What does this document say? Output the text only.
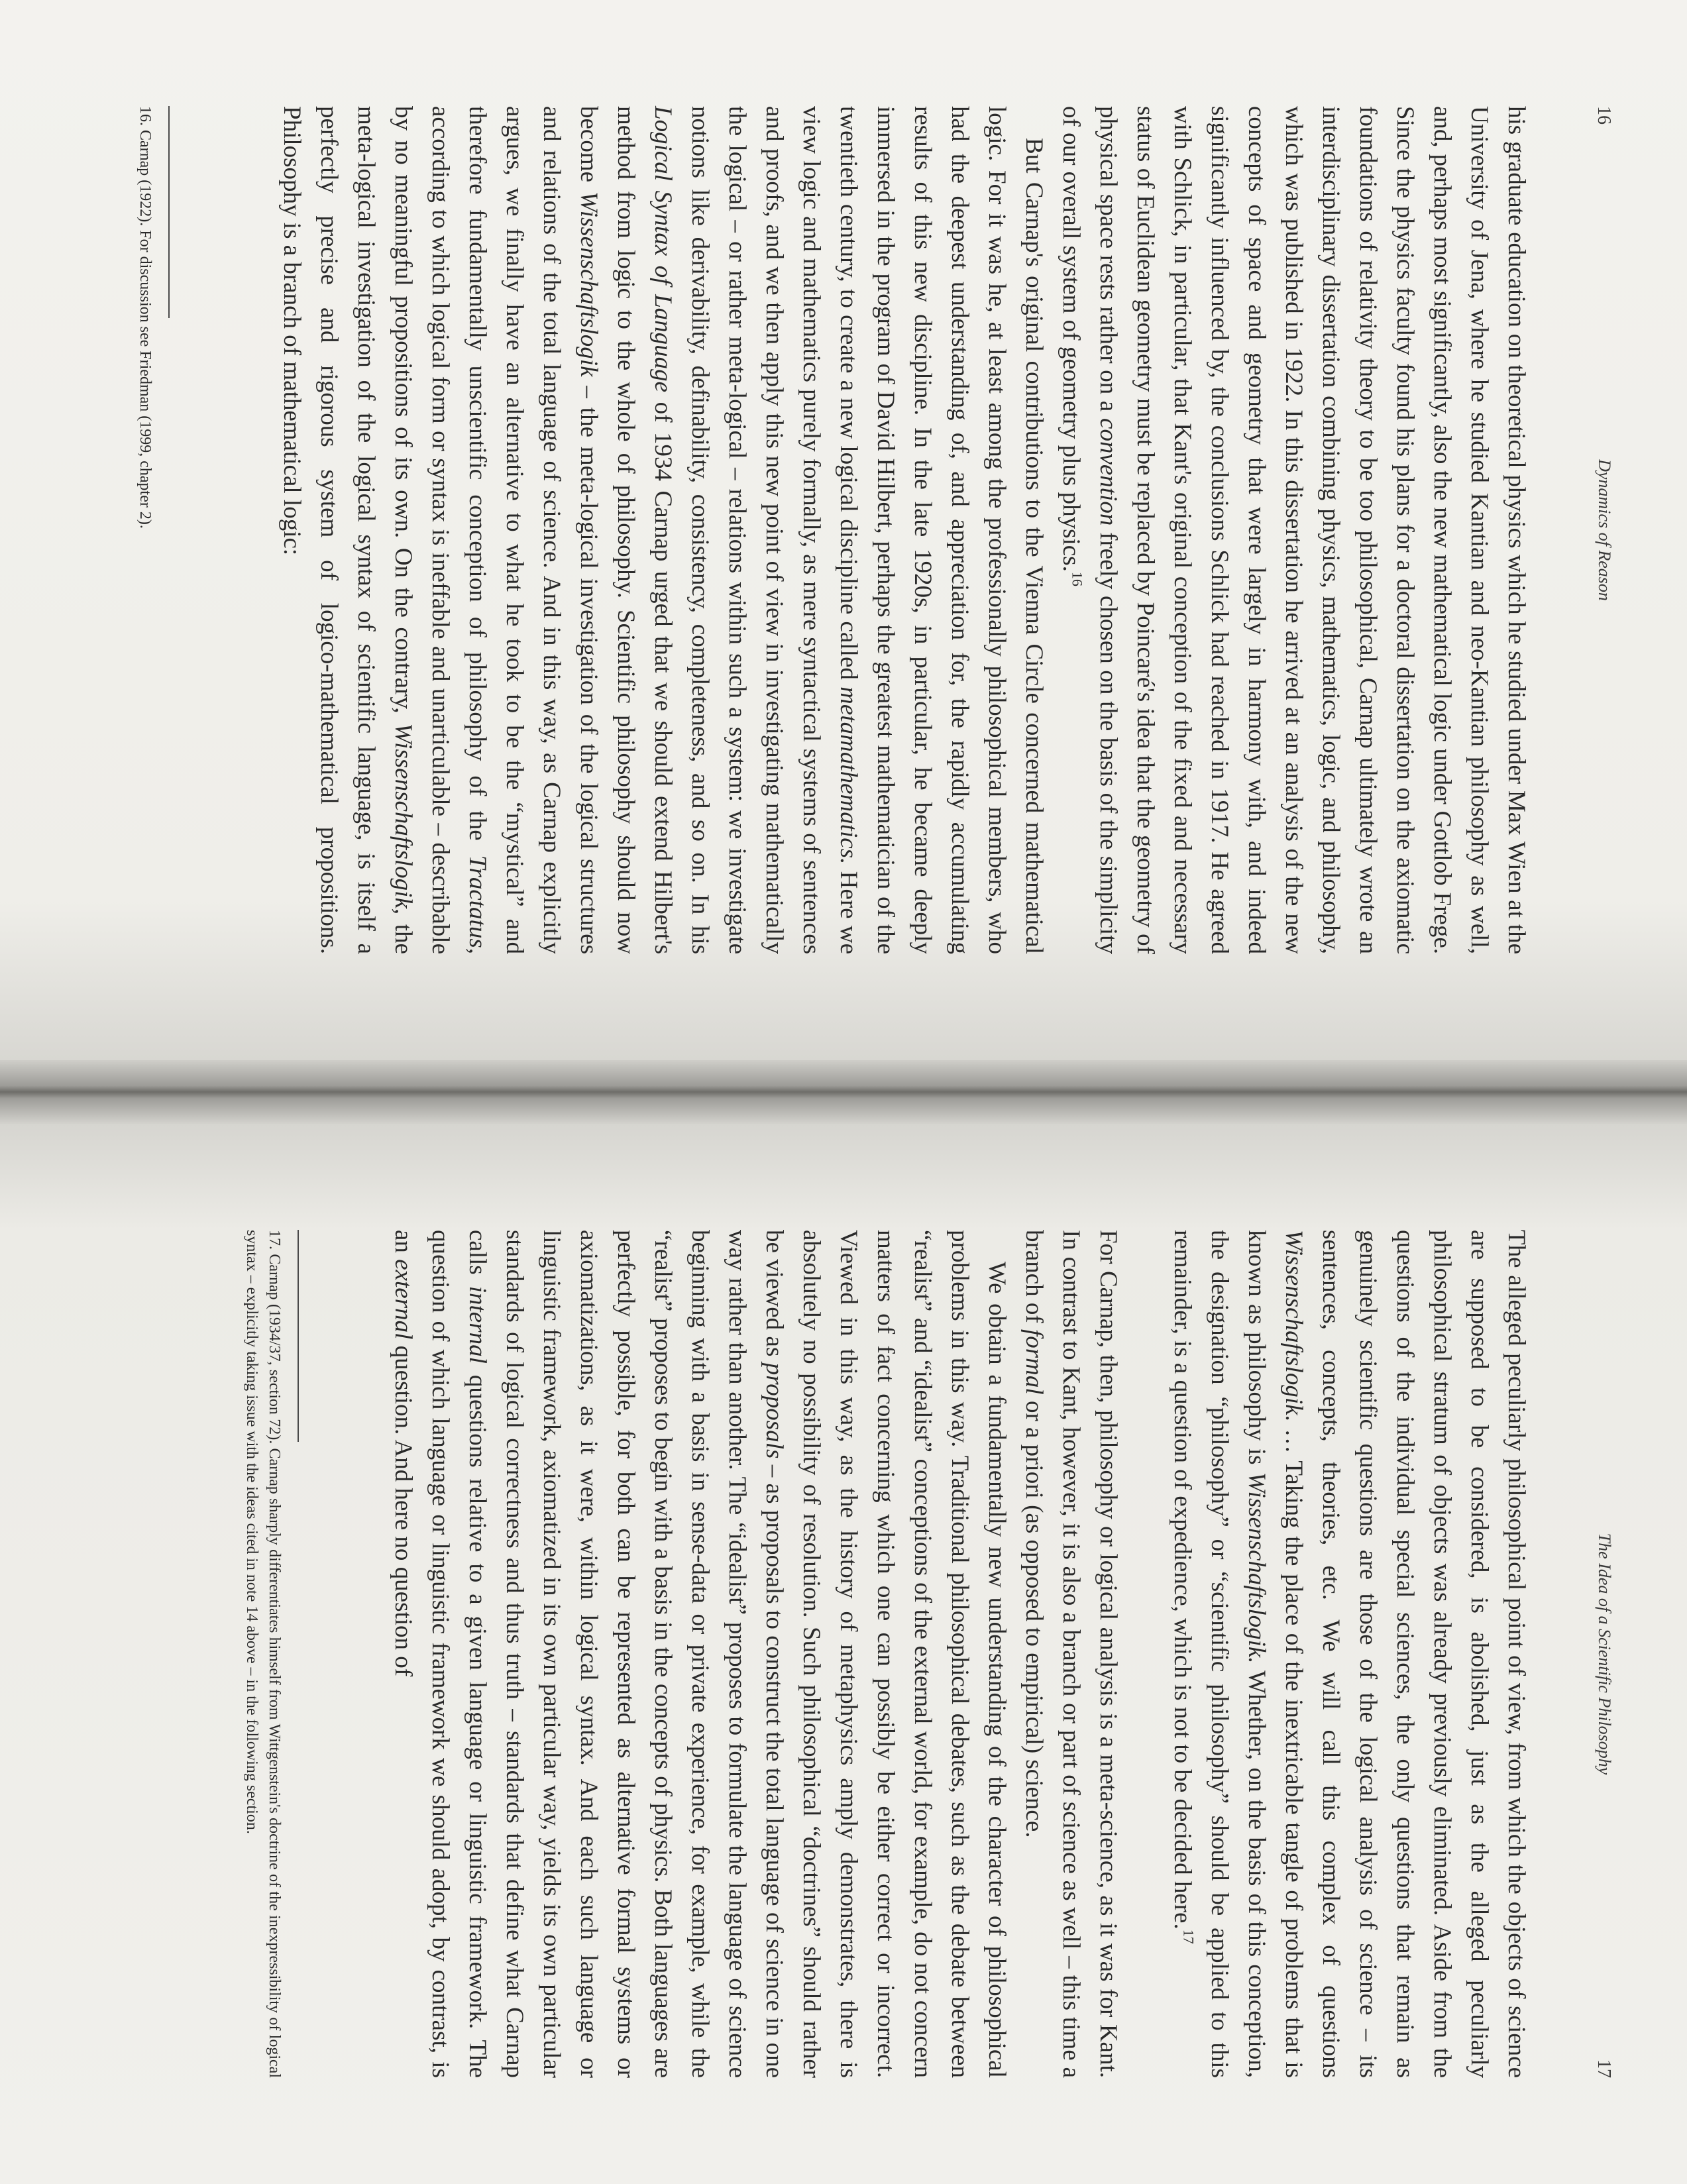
16
Dynamics of Reason

his graduate education on theoretical physics which he studied under Max Wien at the University of Jena, where he studied Kantian and neo-Kantian philosophy as well, and, perhaps most significantly, also the new mathematical logic under Gottlob Frege. Since the physics faculty found his plans for a doctoral dissertation on the axiomatic foundations of relativity theory to be too philosophical, Carnap ultimately wrote an interdisciplinary dissertation combining physics, mathematics, logic, and philosophy, which was published in 1922. In this dissertation he arrived at an analysis of the new concepts of space and geometry that were largely in harmony with, and indeed significantly influenced by, the conclusions Schlick had reached in 1917. He agreed with Schlick, in particular, that Kant's original conception of the fixed and necessary status of Euclidean geometry must be replaced by Poincaré's idea that the geometry of physical space rests rather on a convention freely chosen on the basis of the simplicity of our overall system of geometry plus physics.$^{16}$

But Carnap's original contributions to the Vienna Circle concerned mathematical logic. For it was he, at least among the professionally philosophical members, who had the deepest understanding of, and appreciation for, the rapidly accumulating results of this new discipline. In the late 1920s, in particular, he became deeply immersed in the program of David Hilbert, perhaps the greatest mathematician of the twentieth century, to create a new logical discipline called metamathematics. Here we view logic and mathematics purely formally, as mere syntactical systems of sentences and proofs, and we then apply this new point of view in investigating mathematically the logical – or rather meta-logical – relations within such a system: we investigate notions like derivability, definability, consistency, completeness, and so on. In his Logical Syntax of Language of 1934 Carnap urged that we should extend Hilbert's method from logic to the whole of philosophy. Scientific philosophy should now become Wissenschaftslogik – the meta-logical investigation of the logical structures and relations of the total language of science. And in this way, as Carnap explicitly argues, we finally have an alternative to what he took to be the “mystical” and therefore fundamentally unscientific conception of philosophy of the Tractatus, according to which logical form or syntax is ineffable and unarticulable – describable by no meaningful propositions of its own. On the contrary, Wissenschaftslogik, the meta-logical investigation of the logical syntax of scientific language, is itself a perfectly precise and rigorous system of logico-mathematical propositions. Philosophy is a branch of mathematical logic:

16. Carnap (1922). For discussion see Friedman (1999, chapter 2).

The Idea of a Scientific Philosophy
17

The alleged peculiarly philosophical point of view, from which the objects of science are supposed to be considered, is abolished, just as the alleged peculiarly philosophical stratum of objects was already previously eliminated. Aside from the questions of the individual special sciences, the only questions that remain as genuinely scientific questions are those of the logical analysis of science – its sentences, concepts, theories, etc. We will call this complex of questions Wissenschaftslogik. … Taking the place of the inextricable tangle of problems that is known as philosophy is Wissenschaftslogik. Whether, on the basis of this conception, the designation “philosophy” or “scientific philosophy” should be applied to this remainder, is a question of expedience, which is not to be decided here.$^{17}$

For Carnap, then, philosophy or logical analysis is a meta-science, as it was for Kant. In contrast to Kant, however, it is also a branch or part of science as well – this time a branch of formal or a priori (as opposed to empirical) science.

We obtain a fundamentally new understanding of the character of philosophical problems in this way. Traditional philosophical debates, such as the debate between “realist” and “idealist” conceptions of the external world, for example, do not concern matters of fact concerning which one can possibly be either correct or incorrect. Viewed in this way, as the history of metaphysics amply demonstrates, there is absolutely no possibility of resolution. Such philosophical “doctrines” should rather be viewed as proposals – as proposals to construct the total language of science in one way rather than another. The “idealist” proposes to formulate the language of science beginning with a basis in sense-data or private experience, for example, while the “realist” proposes to begin with a basis in the concepts of physics. Both languages are perfectly possible, for both can be represented as alternative formal systems or axiomatizations, as it were, within logical syntax. And each such language or linguistic framework, axiomatized in its own particular way, yields its own particular standards of logical correctness and thus truth – standards that define what Carnap calls internal questions relative to a given language or linguistic framework. The question of which language or linguistic framework we should adopt, by contrast, is an external question. And here no question of

17. Carnap (1934/37, section 72). Carnap sharply differentiates himself from Wittgenstein's doctrine of the inexpressibility of logical syntax – explicitly taking issue with the ideas cited in note 14 above – in the following section.
